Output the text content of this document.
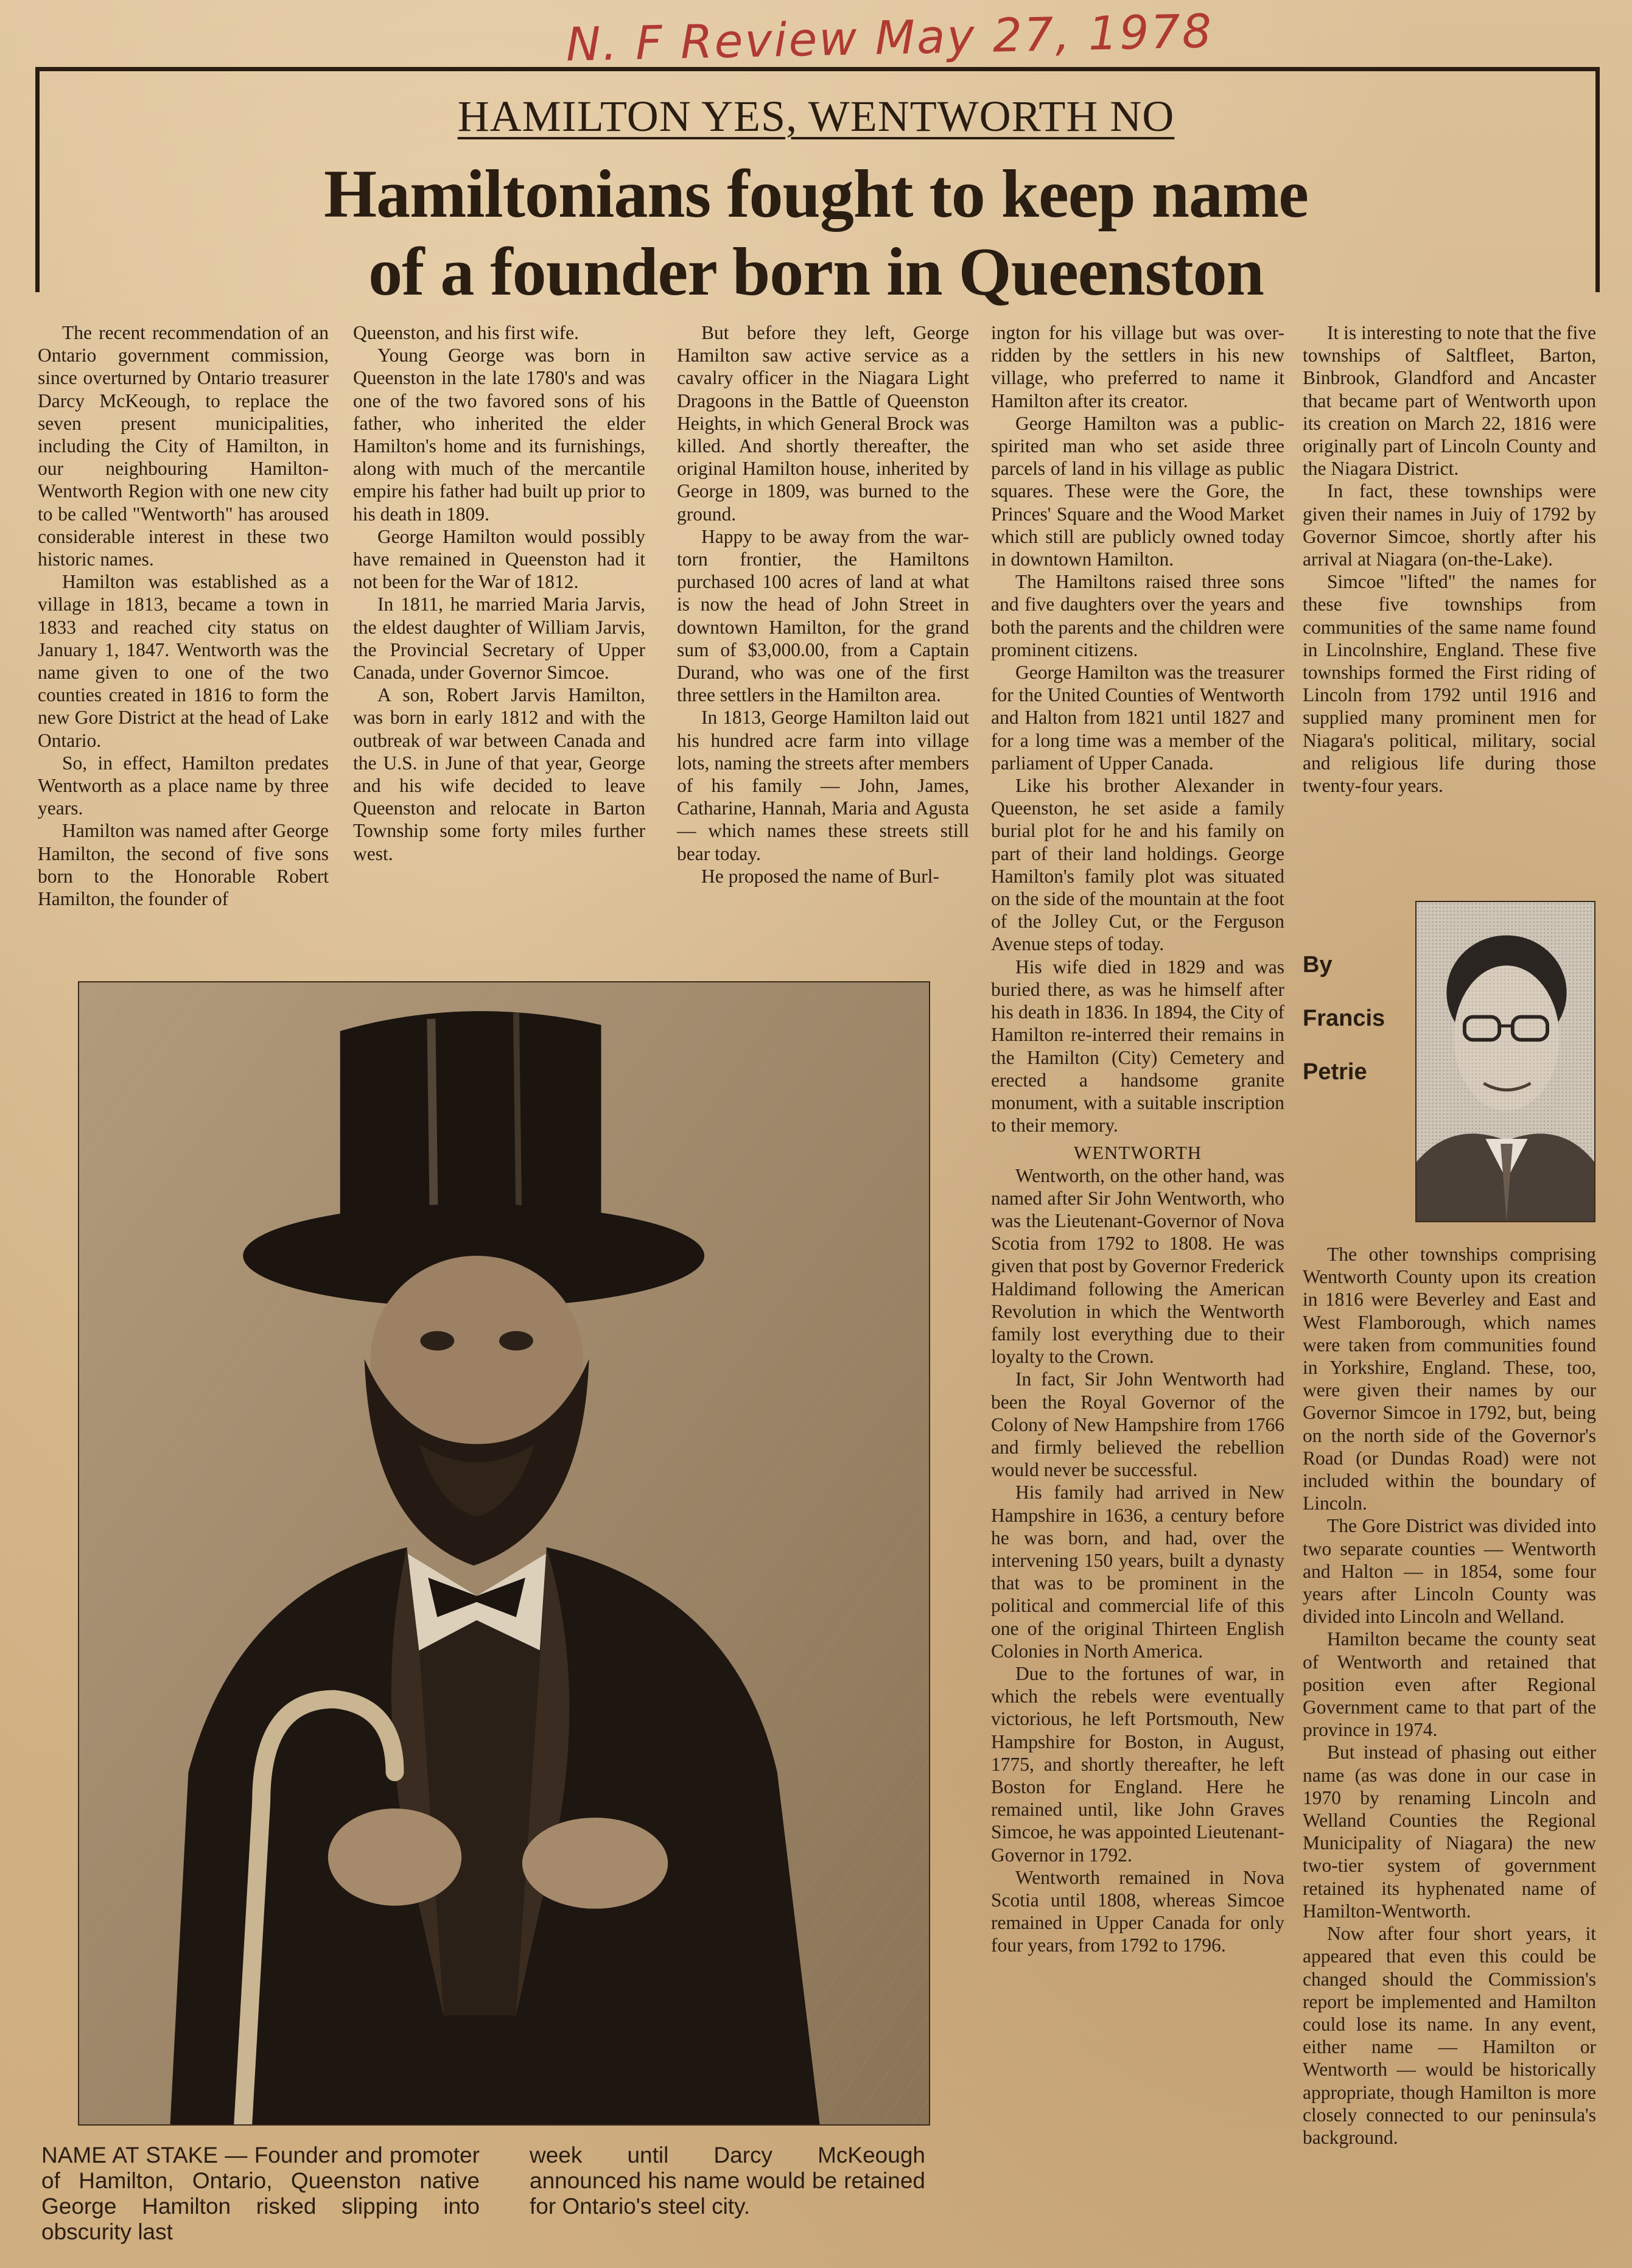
N. F Review May 27, 1978
HAMILTON YES, WENTWORTH NO
Hamiltonians fought to keep name
of a founder born in Queenston

The recent recommendation of an Ontario government commission, since overturned by Ontario treasurer Darcy McKeough, to replace the seven present municipalities, including the City of Hamilton, in our neighbouring Hamilton-Wentworth Region with one new city to be called "Wentworth" has aroused considerable interest in these two historic names.

Hamilton was established as a village in 1813, became a town in 1833 and reached city status on January 1, 1847. Wentworth was the name given to one of the two counties created in 1816 to form the new Gore District at the head of Lake Ontario.

So, in effect, Hamilton predates Wentworth as a place name by three years.

Hamilton was named after George Hamilton, the second of five sons born to the Honorable Robert Hamilton, the founder of

Queenston, and his first wife.

Young George was born in Queenston in the late 1780's and was one of the two favored sons of his father, who inherited the elder Hamilton's home and its furnishings, along with much of the mercantile empire his father had built up prior to his death in 1809.

George Hamilton would possibly have remained in Queenston had it not been for the War of 1812.

In 1811, he married Maria Jarvis, the eldest daughter of William Jarvis, the Provincial Secretary of Upper Canada, under Governor Simcoe.

A son, Robert Jarvis Hamilton, was born in early 1812 and with the outbreak of war between Canada and the U.S. in June of that year, George and his wife decided to leave Queenston and relocate in Barton Township some forty miles further west.

But before they left, George Hamilton saw active service as a cavalry officer in the Niagara Light Dragoons in the Battle of Queenston Heights, in which General Brock was killed. And shortly thereafter, the original Hamilton house, inherited by George in 1809, was burned to the ground.

Happy to be away from the war-torn frontier, the Hamiltons purchased 100 acres of land at what is now the head of John Street in downtown Hamilton, for the grand sum of $3,000.00, from a Captain Durand, who was one of the first three settlers in the Hamilton area.

In 1813, George Hamilton laid out his hundred acre farm into village lots, naming the streets after members of his family — John, James, Catharine, Hannah, Maria and Agusta — which names these streets still bear today.

He proposed the name of Burl-

ington for his village but was over-ridden by the settlers in his new village, who preferred to name it Hamilton after its creator.

George Hamilton was a public-spirited man who set aside three parcels of land in his village as public squares. These were the Gore, the Princes' Square and the Wood Market which still are publicly owned today in downtown Hamilton.

The Hamiltons raised three sons and five daughters over the years and both the parents and the children were prominent citizens.

George Hamilton was the treasurer for the United Counties of Wentworth and Halton from 1821 until 1827 and for a long time was a member of the parliament of Upper Canada.

Like his brother Alexander in Queenston, he set aside a family burial plot for he and his family on part of their land holdings. George Hamilton's family plot was situated on the side of the mountain at the foot of the Jolley Cut, or the Ferguson Avenue steps of today.

His wife died in 1829 and was buried there, as was he himself after his death in 1836. In 1894, the City of Hamilton re-interred their remains in the Hamilton (City) Cemetery and erected a handsome granite monument, with a suitable inscription to their memory.

WENTWORTH

Wentworth, on the other hand, was named after Sir John Wentworth, who was the Lieutenant-Governor of Nova Scotia from 1792 to 1808. He was given that post by Governor Frederick Haldimand following the American Revolution in which the Wentworth family lost everything due to their loyalty to the Crown.

In fact, Sir John Wentworth had been the Royal Governor of the Colony of New Hampshire from 1766 and firmly believed the rebellion would never be successful.

His family had arrived in New Hampshire in 1636, a century before he was born, and had, over the intervening 150 years, built a dynasty that was to be prominent in the political and commercial life of this one of the original Thirteen English Colonies in North America.

Due to the fortunes of war, in which the rebels were eventually victorious, he left Portsmouth, New Hampshire for Boston, in August, 1775, and shortly thereafter, he left Boston for England. Here he remained until, like John Graves Simcoe, he was appointed Lieutenant-Governor in 1792.

Wentworth remained in Nova Scotia until 1808, whereas Simcoe remained in Upper Canada for only four years, from 1792 to 1796.

It is interesting to note that the five townships of Saltfleet, Barton, Binbrook, Glandford and Ancaster that became part of Wentworth upon its creation on March 22, 1816 were originally part of Lincoln County and the Niagara District.

In fact, these townships were given their names in Juiy of 1792 by Governor Simcoe, shortly after his arrival at Niagara (on-the-Lake).

Simcoe "lifted" the names for these five townships from communities of the same name found in Lincolnshire, England. These five townships formed the First riding of Lincoln from 1792 until 1916 and supplied many prominent men for Niagara's political, military, social and religious life during those twenty-four years.

By
Francis
Petrie

The other townships comprising Wentworth County upon its creation in 1816 were Beverley and East and West Flamborough, which names were taken from communities found in Yorkshire, England. These, too, were given their names by our Governor Simcoe in 1792, but, being on the north side of the Governor's Road (or Dundas Road) were not included within the boundary of Lincoln.

The Gore District was divided into two separate counties — Wentworth and Halton — in 1854, some four years after Lincoln County was divided into Lincoln and Welland.

Hamilton became the county seat of Wentworth and retained that position even after Regional Government came to that part of the province in 1974.

But instead of phasing out either name (as was done in our case in 1970 by renaming Lincoln and Welland Counties the Regional Municipality of Niagara) the new two-tier system of government retained its hyphenated name of Hamilton-Wentworth.

Now after four short years, it appeared that even this could be changed should the Commission's report be implemented and Hamilton could lose its name. In any event, either name — Hamilton or Wentworth — would be historically appropriate, though Hamilton is more closely connected to our peninsula's background.

NAME AT STAKE — Founder and promoter of Hamilton, Ontario, Queenston native George Hamilton risked slipping into obscurity last
week until Darcy McKeough announced his name would be retained for Ontario's steel city.
